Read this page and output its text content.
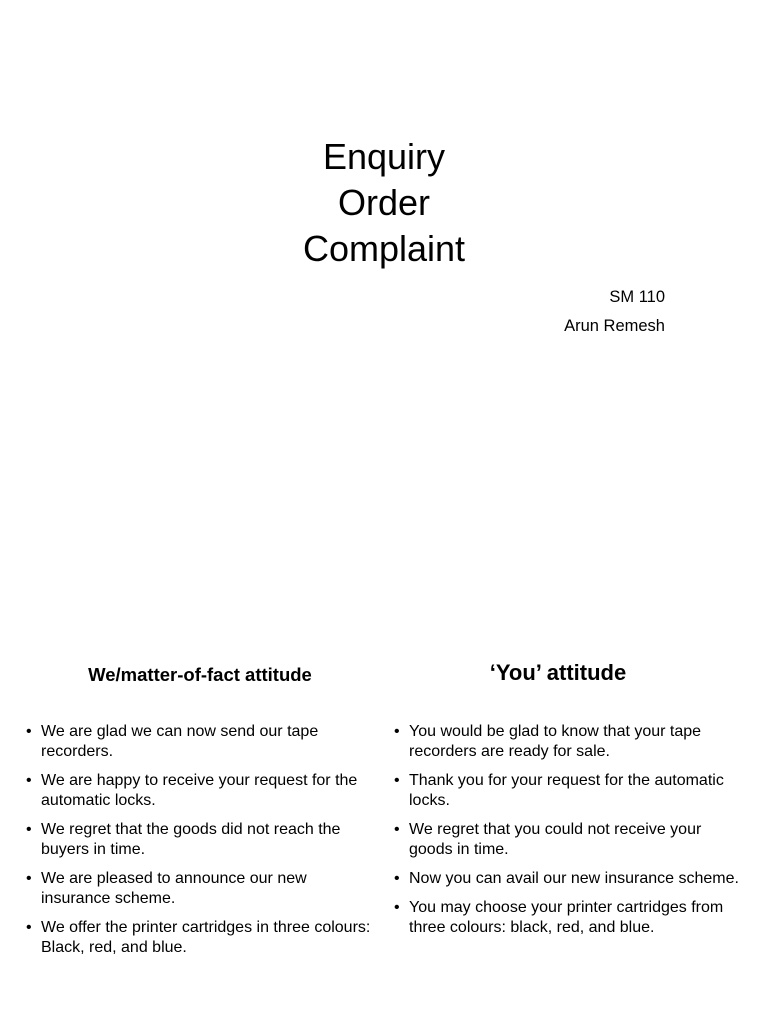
Enquiry
Order
Complaint
SM 110
Arun Remesh
We/matter-of-fact attitude
• We are glad we can now send our tape recorders.
• We are happy to receive your request for the automatic locks.
• We regret that the goods did not reach the buyers in time.
• We are pleased to announce our new insurance scheme.
• We offer the printer cartridges in three colours: Black, red, and blue.
‘You’ attitude
• You would be glad to know that your tape recorders are ready for sale.
• Thank you for your request for the automatic locks.
• We regret that you could not receive your goods in time.
• Now you can avail our new insurance scheme.
• You may choose your printer cartridges from three colours: black, red, and blue.
